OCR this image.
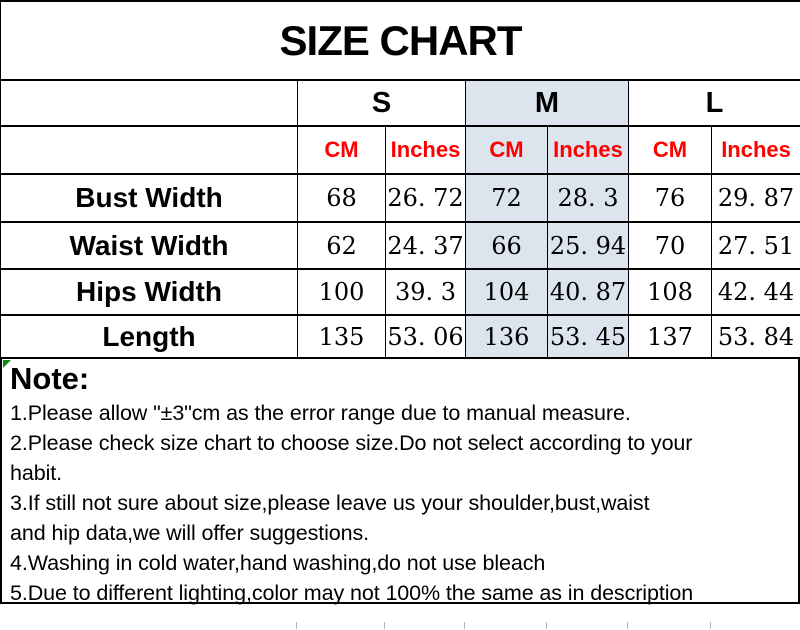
SIZE CHART						
	S		M		L	
	CM	Inches	CM	Inches	CM	Inches
Bust Width	68	26. 72	72	28. 3	76	29. 87
Waist Width	62	24. 37	66	25. 94	70	27. 51
Hips Width	100	39. 3	104	40. 87	108	42. 44
Length	135	53. 06	136	53. 45	137	53. 84
Note:
1.Please allow "±3"cm as the error range due to manual measure.
2.Please check size chart to choose size.Do not select according to your
habit.
3.If still not sure about size,please leave us your shoulder,bust,waist
and hip data,we will offer suggestions.
4.Washing in cold water,hand washing,do not use bleach
5.Due to different lighting,color may not 100% the same as in description
